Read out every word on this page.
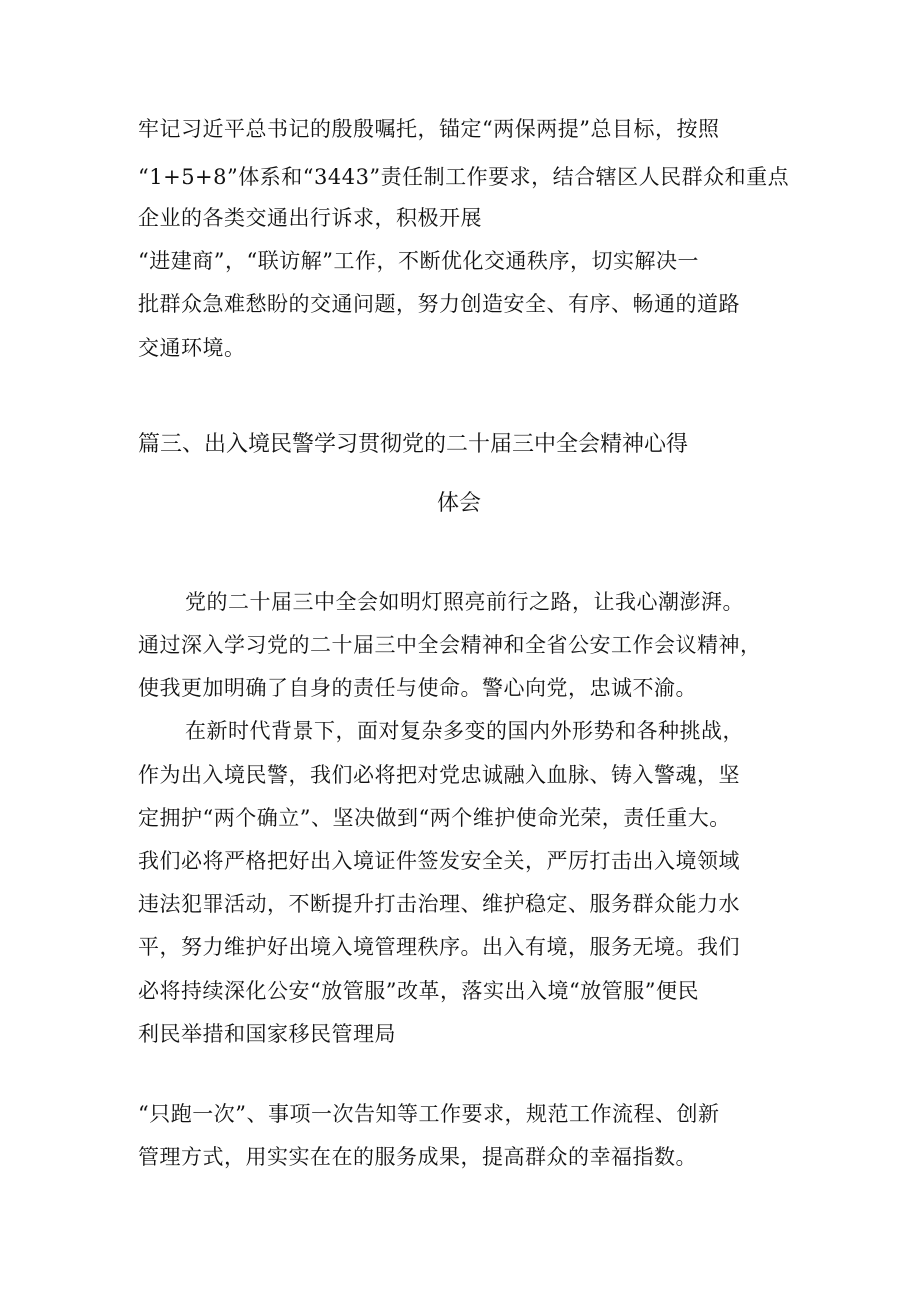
牢记习近平总书记的殷殷嘱托，锚定“两保两提”总目标，按照
“1+5+8”体系和“3443”责任制工作要求，结合辖区人民群众和重点
企业的各类交通出行诉求，积极开展
“进建商”，“联访解”工作，不断优化交通秩序，切实解决一
批群众急难愁盼的交通问题，努力创造安全、有序、畅通的道路
交通环境。
篇三、出入境民警学习贯彻党的二十届三中全会精神心得
体会
党的二十届三中全会如明灯照亮前行之路，让我心潮澎湃。
通过深入学习党的二十届三中全会精神和全省公安工作会议精神，
使我更加明确了自身的责任与使命。警心向党，忠诚不渝。
在新时代背景下，面对复杂多变的国内外形势和各种挑战，
作为出入境民警，我们必将把对党忠诚融入血脉、铸入警魂，坚
定拥护“两个确立”、坚决做到“两个维护使命光荣，责任重大。
我们必将严格把好出入境证件签发安全关，严厉打击出入境领域
违法犯罪活动，不断提升打击治理、维护稳定、服务群众能力水
平，努力维护好出境入境管理秩序。出入有境，服务无境。我们
必将持续深化公安“放管服”改革，落实出入境“放管服”便民
利民举措和国家移民管理局
“只跑一次”、事项一次告知等工作要求，规范工作流程、创新
管理方式，用实实在在的服务成果，提高群众的幸福指数。
